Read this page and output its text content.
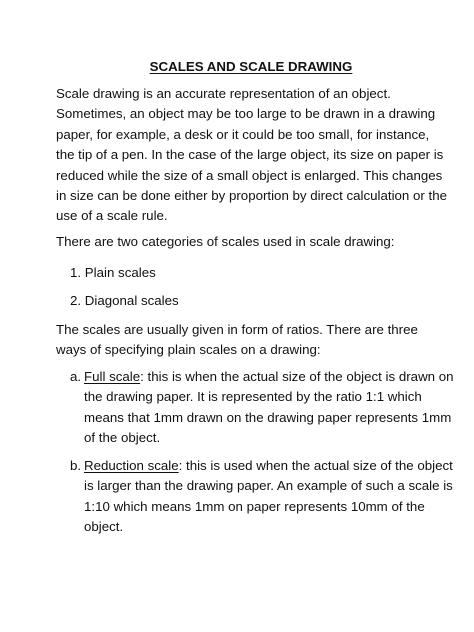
SCALES AND SCALE DRAWING
Scale drawing is an accurate representation of an object. Sometimes, an object may be too large to be drawn in a drawing paper, for example, a desk or it could be too small, for instance, the tip of a pen. In the case of the large object, its size on paper is reduced while the size of a small object is enlarged. This changes in size can be done either by proportion by direct calculation or the use of a scale rule.
There are two categories of scales used in scale drawing:
1. Plain scales
2. Diagonal scales
The scales are usually given in form of ratios. There are three ways of specifying plain scales on a drawing:
a. Full scale: this is when the actual size of the object is drawn on the drawing paper. It is represented by the ratio 1:1 which means that 1mm drawn on the drawing paper represents 1mm of the object.
b. Reduction scale: this is used when the actual size of the object is larger than the drawing paper. An example of such a scale is 1:10 which means 1mm on paper represents 10mm of the object.
